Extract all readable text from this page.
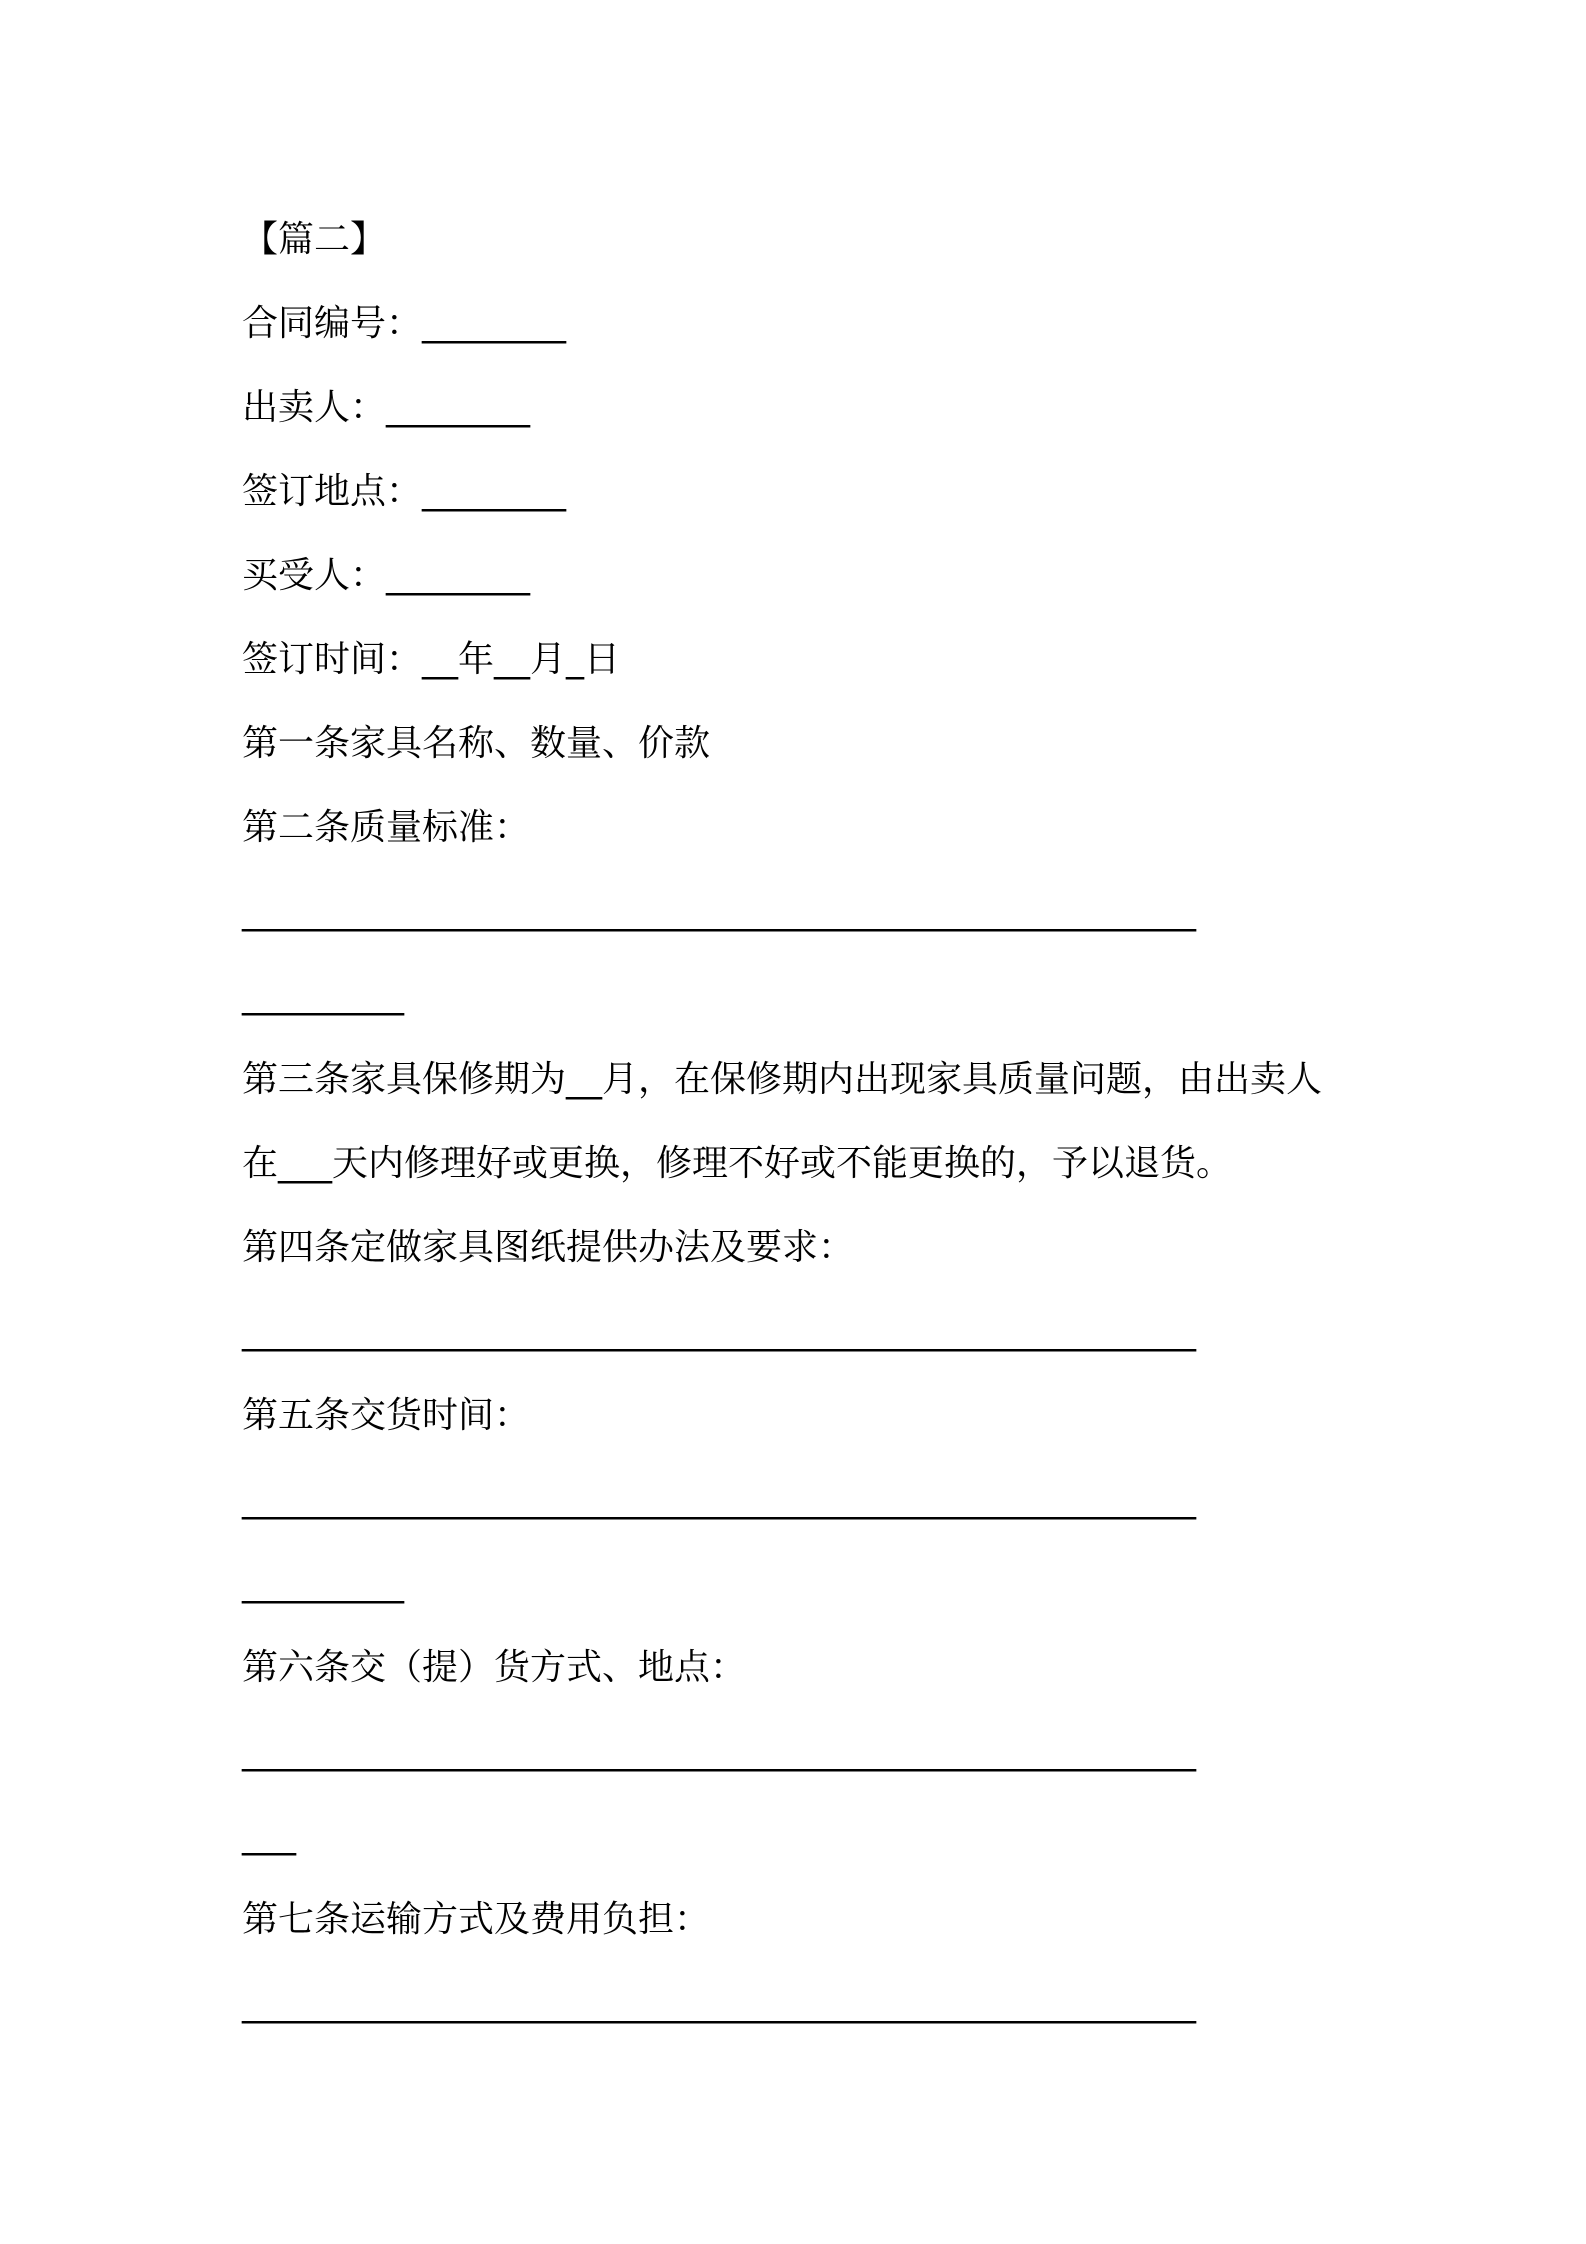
【篇二】
合同编号：________
出卖人：________
签订地点：________
买受人：________
签订时间：__年__月_日
第一条家具名称、数量、价款
第二条质量标准：
_____________________________________________________
_________
第三条家具保修期为__月，在保修期内出现家具质量问题，由出卖人
在___天内修理好或更换，修理不好或不能更换的，予以退货。
第四条定做家具图纸提供办法及要求：
_____________________________________________________
第五条交货时间：
_____________________________________________________
_________
第六条交（提）货方式、地点：
_____________________________________________________
___
第七条运输方式及费用负担：
_____________________________________________________
